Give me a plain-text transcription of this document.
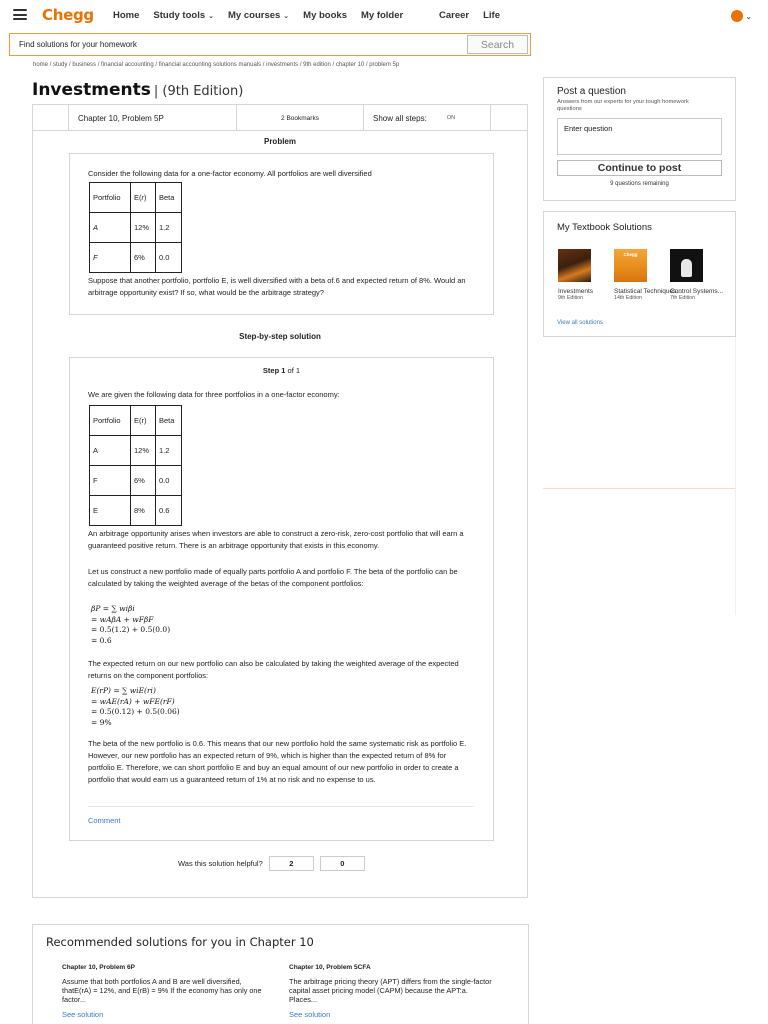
Chegg Home Study tools ⌄ My courses ⌄ My books My folder	Career Life	⌄
Find solutions for your homework
Search
home / study / business / financial accounting / financial accounting solutions manuals / investments / 9th edition / chapter 10 / problem 5p
Investments | (9th Edition)
Chapter 10, Problem 5P	2 Bookmarks	Show all steps:	ON
Problem
Consider the following data for a one-factor economy. All portfolios are well diversified
Portfolio	E(r)	Beta
A	12%	1.2
F	6%	0.0
Suppose that another portfolio, portfolio E, is well diversified with a beta of.6 and expected return of 8%. Would an arbitrage opportunity exist? If so, what would be the arbitrage strategy?
Step-by-step solution
Step 1 of 1
We are given the following data for three portfolios in a one-factor economy:
Portfolio	E(r)	Beta
A	12%	1.2
F	6%	0.0
E	8%	0.6
An arbitrage opportunity arises when investors are able to construct a zero-risk, zero-cost portfolio that will earn a guaranteed positive return. There is an arbitrage opportunity that exists in this economy.
Let us construct a new portfolio made of equally parts portfolio A and portfolio F. The beta of the portfolio can be calculated by taking the weighted average of the betas of the component portfolios:
βP = ∑ wiβi
= wAβA + wFβF
= 0.5(1.2) + 0.5(0.0)
= 0.6
The expected return on our new portfolio can also be calculated by taking the weighted average of the expected returns on the component portfolios:
E(rP) = ∑ wiE(ri)
= wAE(rA) + wFE(rF)
= 0.5(0.12) + 0.5(0.06)
= 9%
The beta of the new portfolio is 0.6. This means that our new portfolio hold the same systematic risk as portfolio E. However, our new portfolio has an expected return of 9%, which is higher than the expected return of 8% for portfolio E. Therefore, we can short portfolio E and buy an equal amount of our new portfolio in order to create a portfolio that would earn us a guaranteed return of 1% at no risk and no expense to us.
Comment
Was this solution helpful?	2	0
Post a question
Answers from our experts for your tough homework questions
Enter question
Continue to post
9 questions remaining
My Textbook Solutions
Investments
9th Edition
Chegg
Statistical Techniques...
14th Edition
Control Systems...
7th Edition
View all solutions
Recommended solutions for you in Chapter 10
Chapter 10, Problem 6P
Assume that both portfolios A and B are well diversified, thatE(rA) = 12%, and E(rB) = 9% If the economy has only one factor...
See solution
Chapter 10, Problem 5CFA
The arbitrage pricing theory (APT) differs from the single-factor capital asset pricing model (CAPM) because the APT:a. Places...
See solution
